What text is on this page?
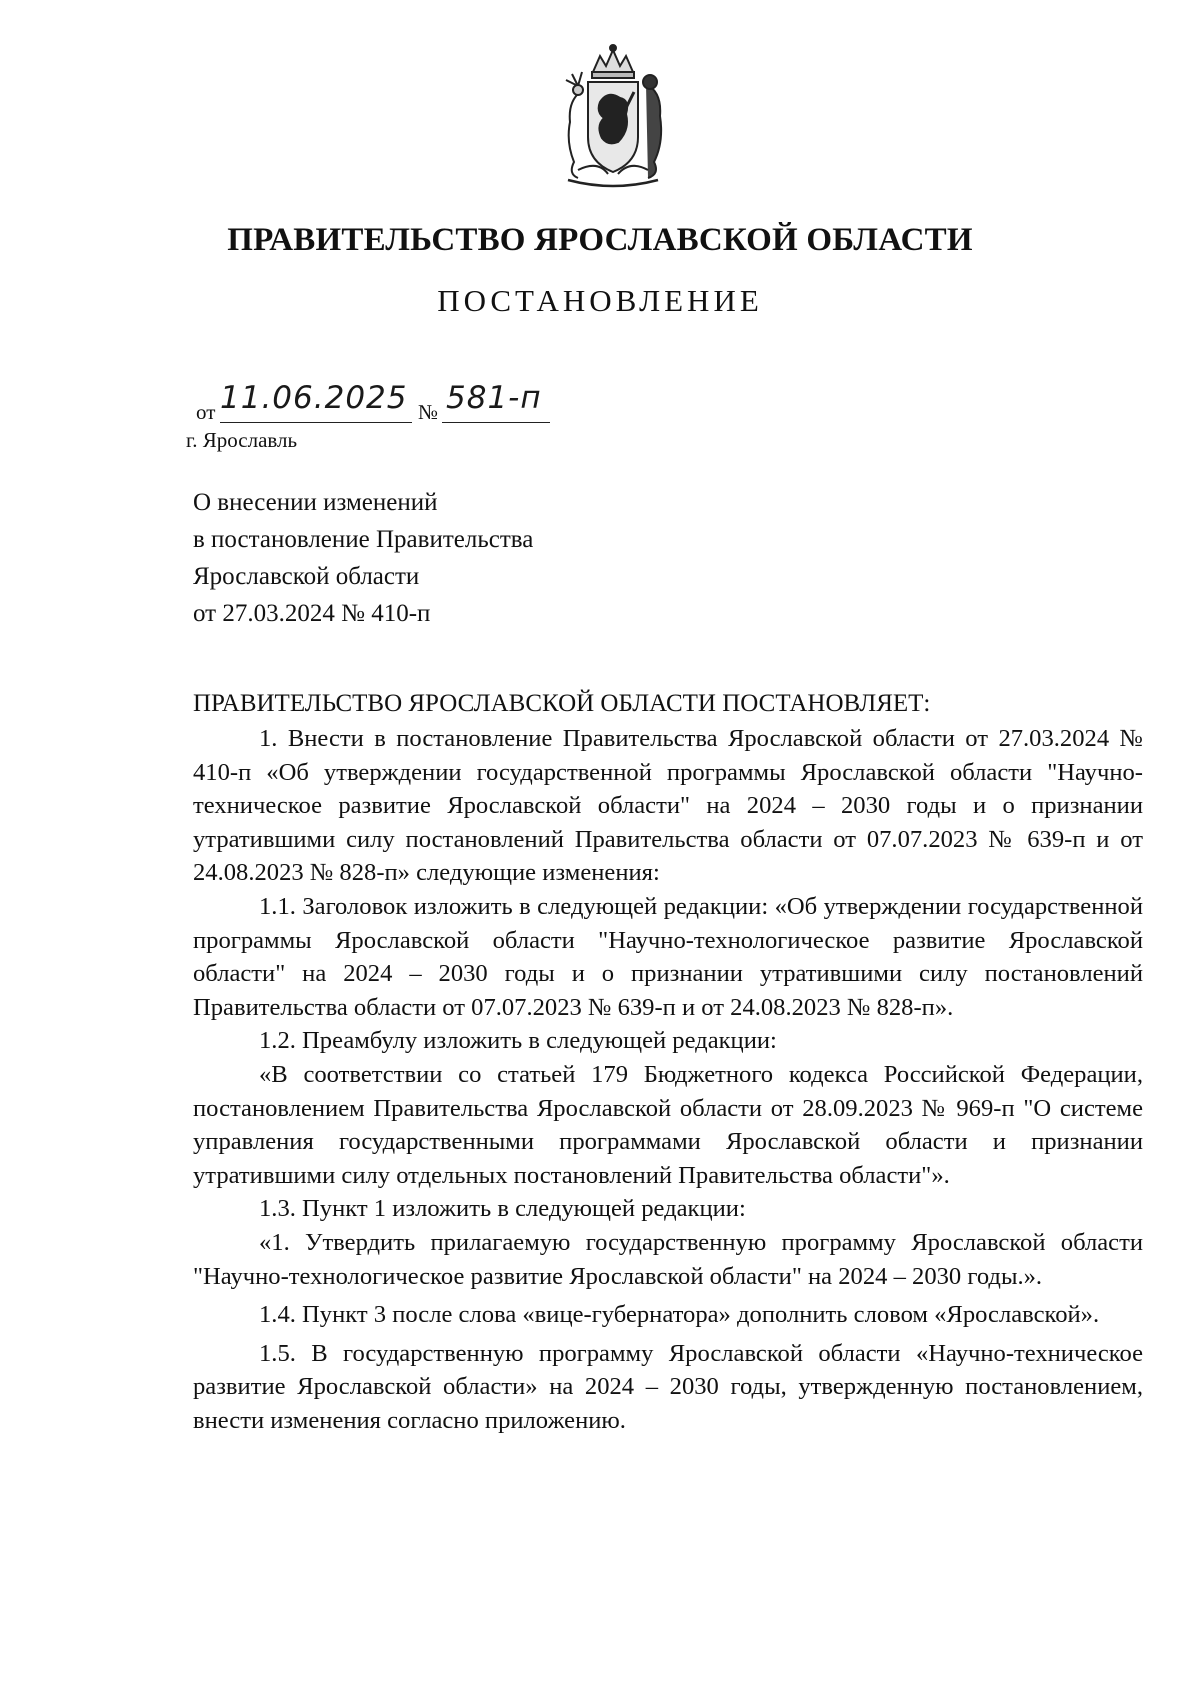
ПРАВИТЕЛЬСТВО ЯРОСЛАВСКОЙ ОБЛАСТИ
ПОСТАНОВЛЕНИЕ
от 11.06.2025 № 581-п
г. Ярославль
О внесении изменений
в постановление Правительства
Ярославской области
от 27.03.2024 № 410-п
ПРАВИТЕЛЬСТВО ЯРОСЛАВСКОЙ ОБЛАСТИ ПОСТАНОВЛЯЕТ:

1. Внести в постановление Правительства Ярославской области от 27.03.2024 № 410-п «Об утверждении государственной программы Ярославской области "Научно-техническое развитие Ярославской области" на 2024 – 2030 годы и о признании утратившими силу постановлений Правительства области от 07.07.2023 № 639-п и от 24.08.2023 № 828-п» следующие изменения:

1.1. Заголовок изложить в следующей редакции: «Об утверждении государственной программы Ярославской области "Научно-технологическое развитие Ярославской области" на 2024 – 2030 годы и о признании утратившими силу постановлений Правительства области от 07.07.2023 № 639-п и от 24.08.2023 № 828-п».

1.2. Преамбулу изложить в следующей редакции:

«В соответствии со статьей 179 Бюджетного кодекса Российской Федерации, постановлением Правительства Ярославской области от 28.09.2023 № 969-п "О системе управления государственными программами Ярославской области и признании утратившими силу отдельных постановлений Правительства области"».

1.3. Пункт 1 изложить в следующей редакции:

«1. Утвердить прилагаемую государственную программу Ярославской области "Научно-технологическое развитие Ярославской области" на 2024 – 2030 годы.».

1.4. Пункт 3 после слова «вице-губернатора» дополнить словом «Ярославской».

1.5. В государственную программу Ярославской области «Научно-техническое развитие Ярославской области» на 2024 – 2030 годы, утвержденную постановлением, внести изменения согласно приложению.
